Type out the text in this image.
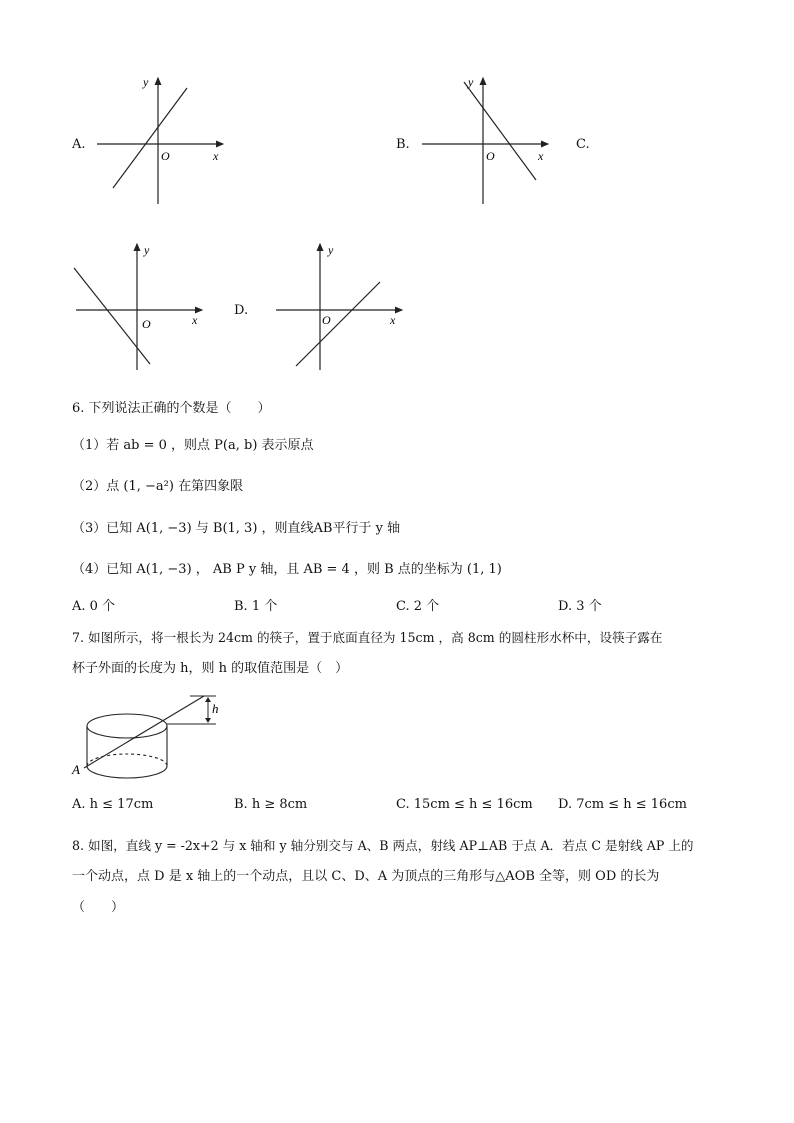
A.
x
y
O
B.
x
y
O
C.
x
y
O
D.
x
y
O
6. 下列说法正确的个数是（　　）
（1）若 ab = 0 ，则点 P(a, b) 表示原点
（2）点 (1, −a²) 在第四象限
（3）已知 A(1, −3) 与 B(1, 3) ，则直线AB平行于 y 轴
（4）已知 A(1, −3) ， AB P y 轴，且 AB = 4 ，则 B 点的坐标为 (1, 1)
A. 0 个	B. 1 个	C. 2 个	D. 3 个
7. 如图所示，将一根长为 24cm 的筷子，置于底面直径为 15cm ，高 8cm 的圆柱形水杯中，设筷子露在
杯子外面的长度为 h，则 h 的取值范围是（　）
h
A
A. h ≤ 17cm	B. h ≥ 8cm	C. 15cm ≤ h ≤ 16cm D. 7cm ≤ h ≤ 16cm
8. 如图，直线 y = -2x+2 与 x 轴和 y 轴分别交与 A、B 两点，射线 AP⊥AB 于点 A．若点 C 是射线 AP 上的
一个动点，点 D 是 x 轴上的一个动点，且以 C、D、A 为顶点的三角形与△AOB 全等，则 OD 的长为
（　　）
